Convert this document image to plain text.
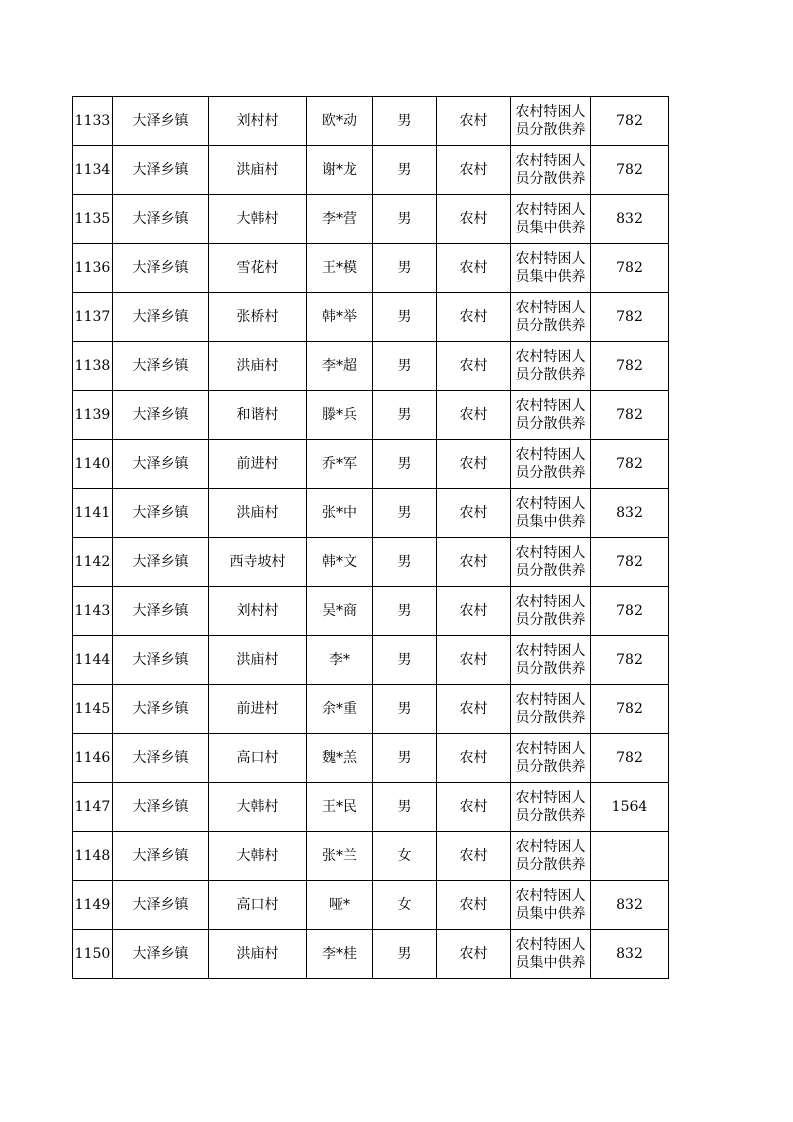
1133	大泽乡镇	刘村村	欧*动	男	农村	农村特困人
员分散供养	782
1134	大泽乡镇	洪庙村	谢*龙	男	农村	农村特困人
员分散供养	782
1135	大泽乡镇	大韩村	李*营	男	农村	农村特困人
员集中供养	832
1136	大泽乡镇	雪花村	王*模	男	农村	农村特困人
员集中供养	782
1137	大泽乡镇	张桥村	韩*举	男	农村	农村特困人
员分散供养	782
1138	大泽乡镇	洪庙村	李*超	男	农村	农村特困人
员分散供养	782
1139	大泽乡镇	和谐村	滕*兵	男	农村	农村特困人
员分散供养	782
1140	大泽乡镇	前进村	乔*军	男	农村	农村特困人
员分散供养	782
1141	大泽乡镇	洪庙村	张*中	男	农村	农村特困人
员集中供养	832
1142	大泽乡镇	西寺坡村	韩*文	男	农村	农村特困人
员分散供养	782
1143	大泽乡镇	刘村村	吴*商	男	农村	农村特困人
员分散供养	782
1144	大泽乡镇	洪庙村	李*	男	农村	农村特困人
员分散供养	782
1145	大泽乡镇	前进村	余*重	男	农村	农村特困人
员分散供养	782
1146	大泽乡镇	高口村	魏*羔	男	农村	农村特困人
员分散供养	782
1147	大泽乡镇	大韩村	王*民	男	农村	农村特困人
员分散供养	1564
1148	大泽乡镇	大韩村	张*兰	女	农村	农村特困人
员分散供养	

1149	大泽乡镇	高口村	哑*	女	农村	农村特困人
员集中供养	832
1150	大泽乡镇	洪庙村	李*桂	男	农村	农村特困人
员集中供养	832
